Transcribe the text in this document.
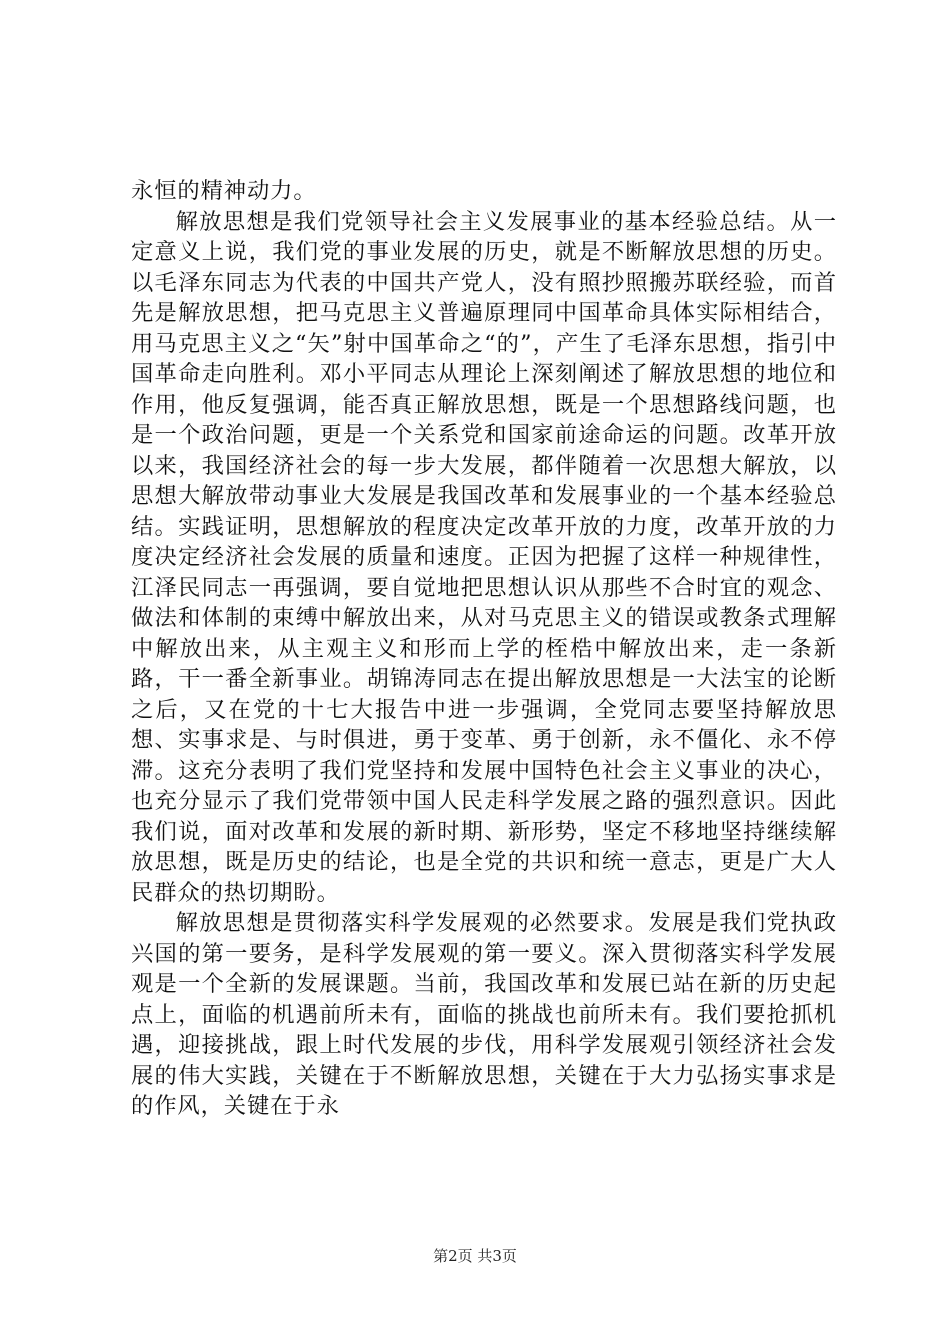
永恒的精神动力。

解放思想是我们党领导社会主义发展事业的基本经验总结。从一定意义上说，我们党的事业发展的历史，就是不断解放思想的历史。以毛泽东同志为代表的中国共产党人，没有照抄照搬苏联经验，而首先是解放思想，把马克思主义普遍原理同中国革命具体实际相结合，用马克思主义之“矢”射中国革命之“的”，产生了毛泽东思想，指引中国革命走向胜利。邓小平同志从理论上深刻阐述了解放思想的地位和作用，他反复强调，能否真正解放思想，既是一个思想路线问题，也是一个政治问题，更是一个关系党和国家前途命运的问题。改革开放以来，我国经济社会的每一步大发展，都伴随着一次思想大解放，以思想大解放带动事业大发展是我国改革和发展事业的一个基本经验总结。实践证明，思想解放的程度决定改革开放的力度，改革开放的力度决定经济社会发展的质量和速度。正因为把握了这样一种规律性，江泽民同志一再强调，要自觉地把思想认识从那些不合时宜的观念、做法和体制的束缚中解放出来，从对马克思主义的错误或教条式理解中解放出来，从主观主义和形而上学的桎梏中解放出来，走一条新路，干一番全新事业。胡锦涛同志在提出解放思想是一大法宝的论断之后，又在党的十七大报告中进一步强调，全党同志要坚持解放思想、实事求是、与时俱进，勇于变革、勇于创新，永不僵化、永不停滞。这充分表明了我们党坚持和发展中国特色社会主义事业的决心，也充分显示了我们党带领中国人民走科学发展之路的强烈意识。因此我们说，面对改革和发展的新时期、新形势，坚定不移地坚持继续解放思想，既是历史的结论，也是全党的共识和统一意志，更是广大人民群众的热切期盼。

解放思想是贯彻落实科学发展观的必然要求。发展是我们党执政兴国的第一要务，是科学发展观的第一要义。深入贯彻落实科学发展观是一个全新的发展课题。当前，我国改革和发展已站在新的历史起点上，面临的机遇前所未有，面临的挑战也前所未有。我们要抢抓机遇，迎接挑战，跟上时代发展的步伐，用科学发展观引领经济社会发展的伟大实践，关键在于不断解放思想，关键在于大力弘扬实事求是的作风，关键在于永

第2页 共3页
